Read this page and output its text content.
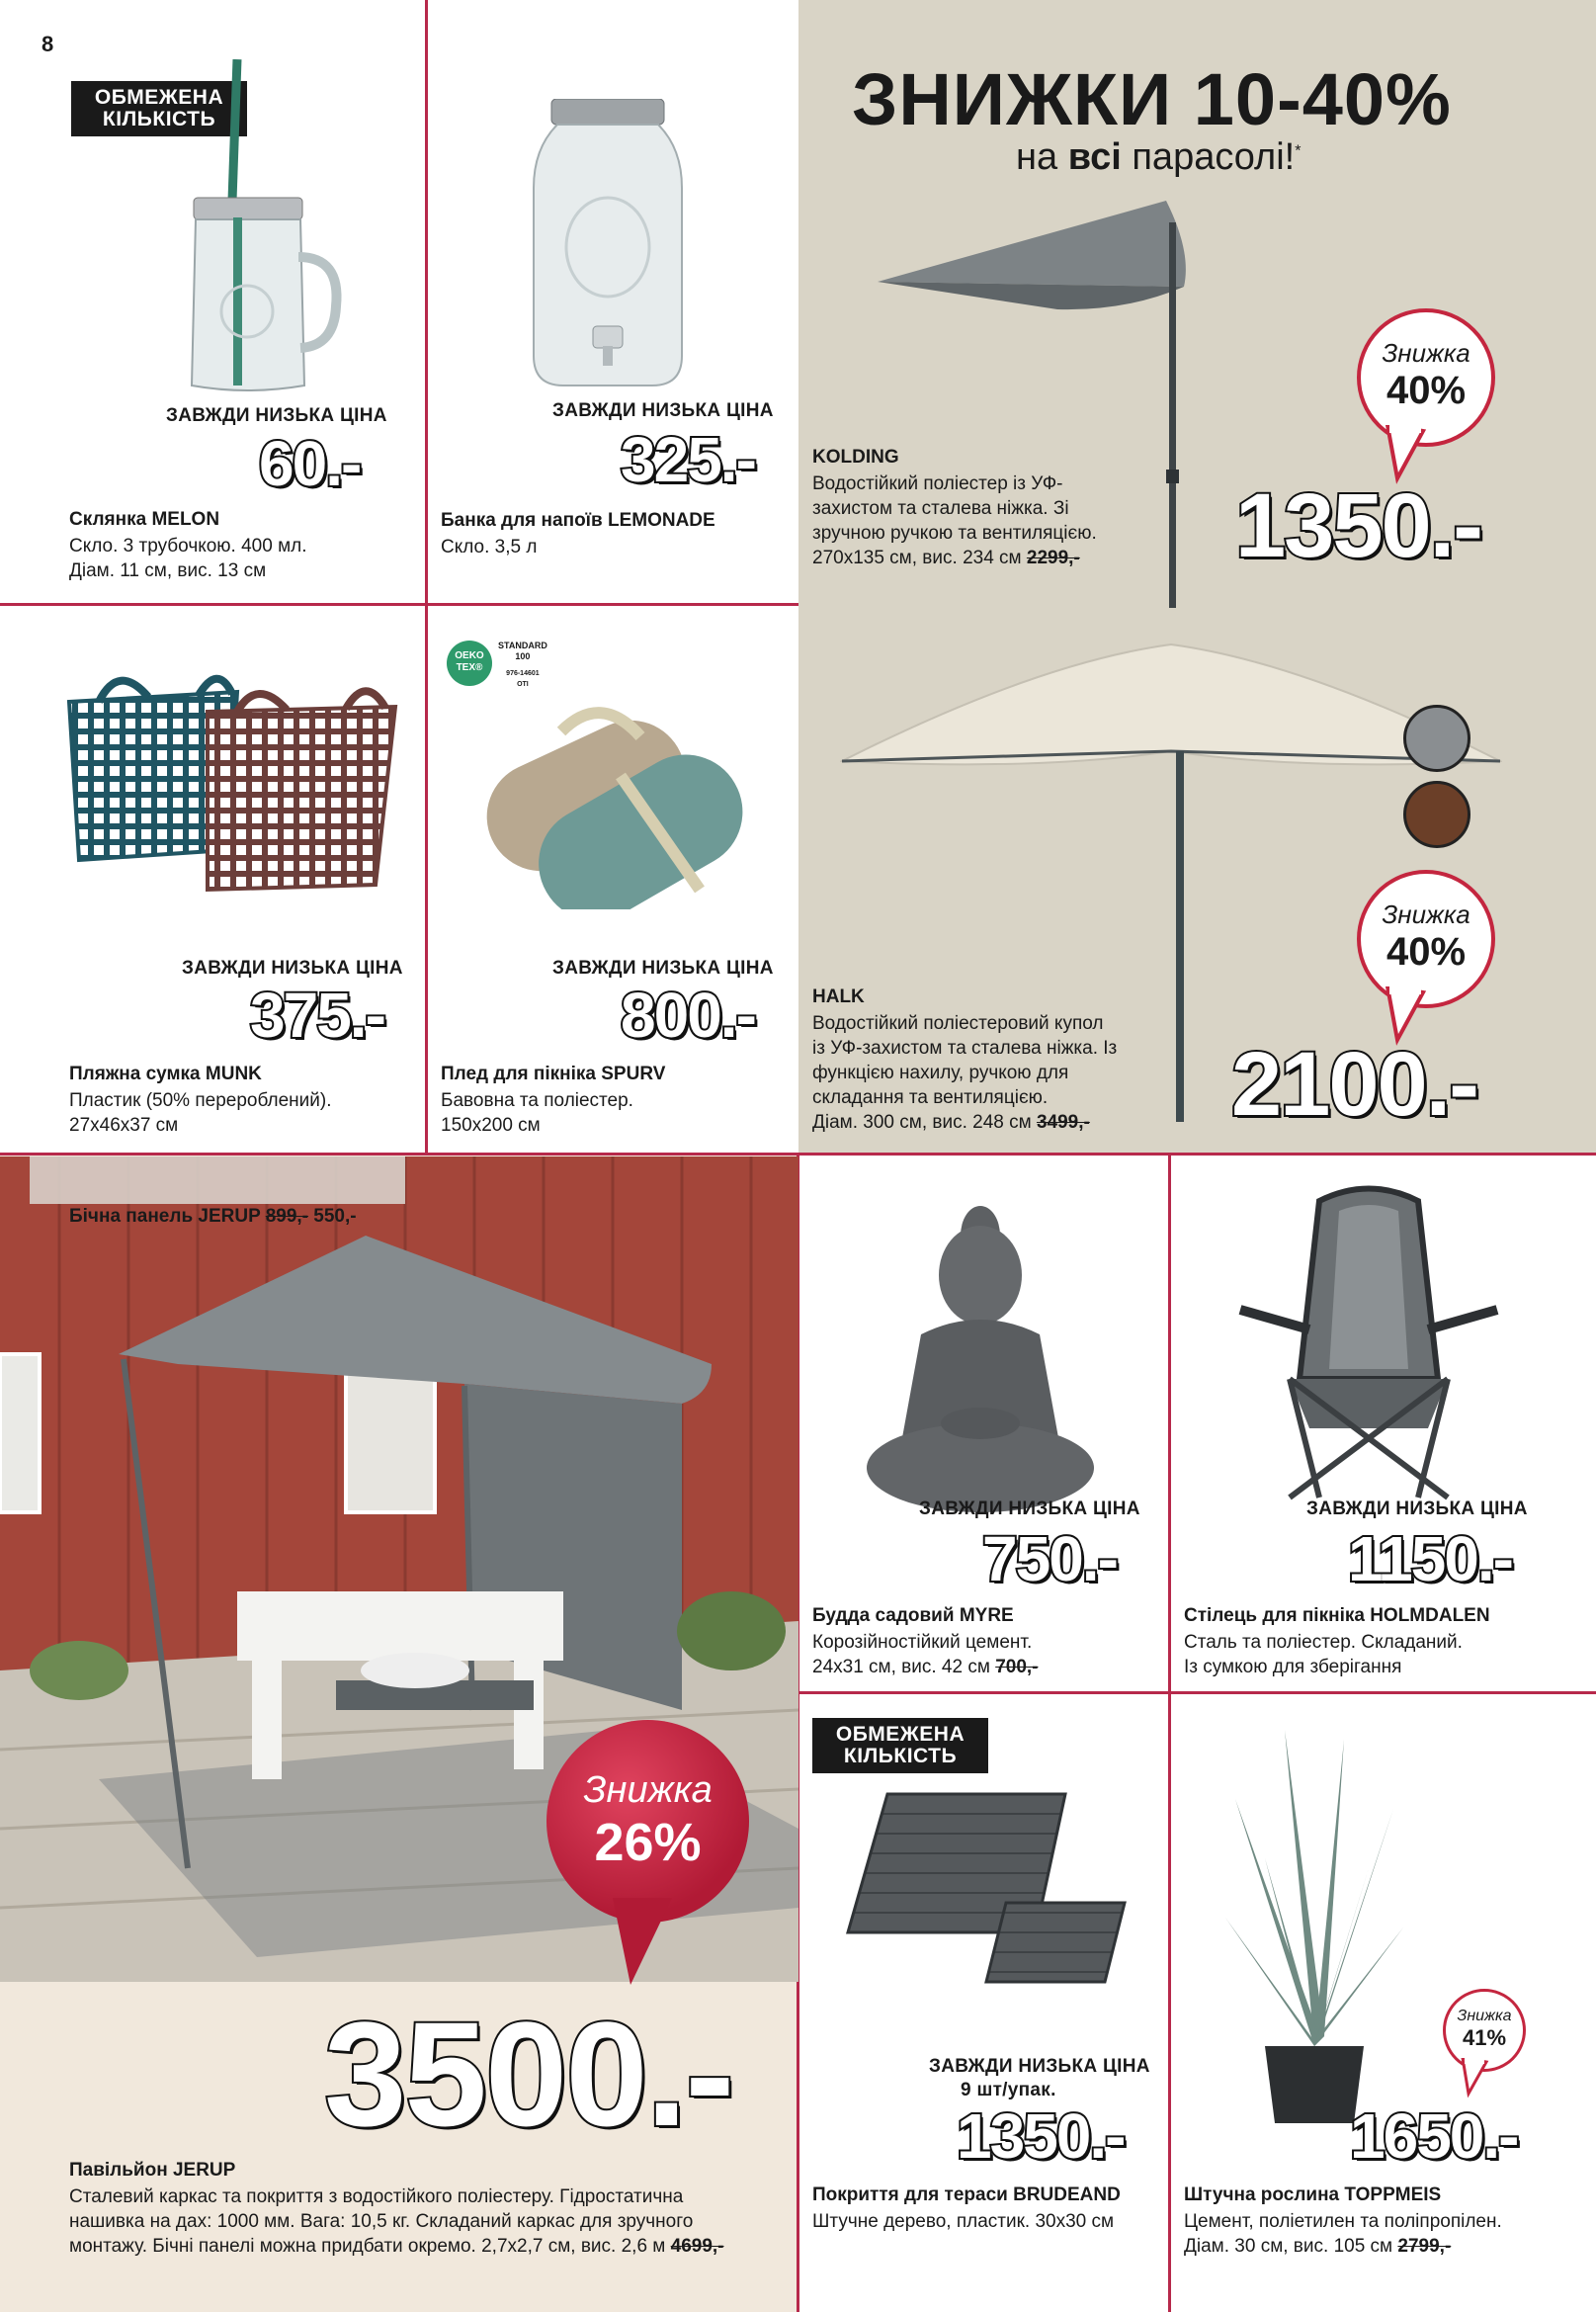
8
ОБМЕЖЕНА
КІЛЬКІСТЬ
ЗАВЖДИ НИЗЬКА ЦІНА
60.-
Склянка MELON
Скло. 3 трубочкою. 400 мл.
Діам. 11 см, вис. 13 см
ЗАВЖДИ НИЗЬКА ЦІНА
325.-
Банка для напоїв LEMONADE
Скло. 3,5 л
ЗНИЖКИ 10-40%
на всі парасолі!*
Знижка
40%
KOLDING
Водостійкий поліестер із УФ-
захистом та сталева ніжка. Зі
зручною ручкою та вентиляцією.
270x135 см, вис. 234 см 2299,- 1350.-
Знижка
40%
HALK
Водостійкий поліестеровий купол
із УФ-захистом та сталева ніжка. Із
функцією нахилу, ручкою для
складання та вентиляцією.
Діам. 300 см, вис. 248 см 3499,- 2100.-
ЗАВЖДИ НИЗЬКА ЦІНА
375.-
Пляжна сумка MUNK
Пластик (50% перероблений).
27x46x37 см
OEKO
TEX®
STANDARD
100
976-14601
OTI
ЗАВЖДИ НИЗЬКА ЦІНА
800.-
Плед для пікніка SPURV
Бавовна та поліестер.
150x200 см
Бічна панель JERUP 899,- 550,-
Знижка
26%
3500.-
Павільйон JERUP
Сталевий каркас та покриття з водостійкого поліестеру. Гідростатична
нашивка на дах: 1000 мм. Вага: 10,5 кг. Складаний каркас для зручного
монтажу. Бічні панелі можна придбати окремо. 2,7x2,7 см, вис. 2,6 м 4699,-
ЗАВЖДИ НИЗЬКА ЦІНА
750.-
Будда садовий MYRE
Корозійностійкий цемент.
24x31 см, вис. 42 см 700,-
ЗАВЖДИ НИЗЬКА ЦІНА
1150.-
Стілець для пікніка HOLMDALEN
Сталь та поліестер. Складаний.
Із сумкою для зберігання
ОБМЕЖЕНА
КІЛЬКІСТЬ
ЗАВЖДИ НИЗЬКА ЦІНА
9 шт/упак.
1350.-
Покриття для тераси BRUDEAND
Штучне дерево, пластик. 30x30 см
Знижка
41%
1650.-
Штучна рослина TOPPMEIS
Цемент, поліетилен та поліпропілен.
Діам. 30 см, вис. 105 см 2799,-
